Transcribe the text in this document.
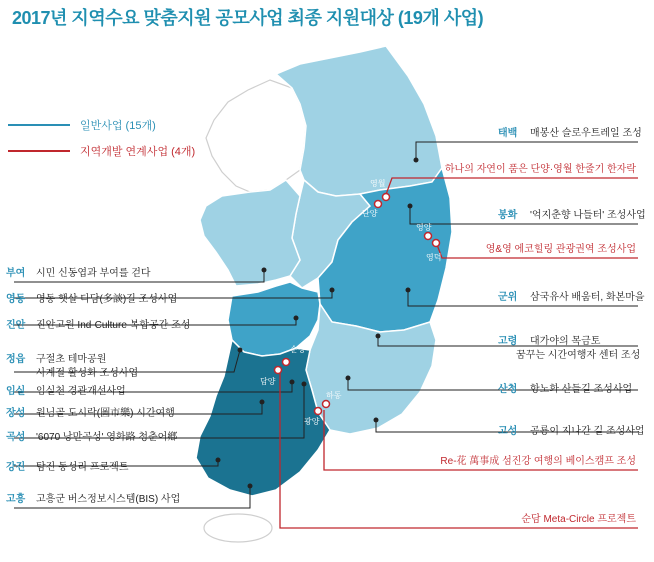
2017년 지역수요 맞춤지원 공모사업 최종 지원대상 (19개 사업)
일반사업 (15개)
지역개발 연계사업 (4개)
영월
단양
영양
영덕
순창
담양
하동
광양
부여 시민 신동엽과 부여를 걷다
영동 영동 햇살 다담(多談)길 조성사업
진안 진안고원 Ind-Culture 복합공간 조성
정읍 구절초 테마공원
사계절 활성화 조성사업
임실 임실천 경관개선사업
장성 원님골 도시락(圖市樂) 시간여행
곡성 '6070 낭만곡성' 영화路 청춘어鄕
강진 탐진 동성리 프로젝트
고흥 고흥군 버스정보시스템(BIS) 사업
태백 매봉산 슬로우트레일 조성
하나의 자연이 품은 단양·영월 한줄기 한자락
봉화 '억지춘향 나들터' 조성사업
영&영 에코힐링 관광권역 조성사업
군위 삼국유사 배움터, 화본마을
고령 대가야의 목금토
꿈꾸는 시간여행자 센터 조성
산청 항노화 산들길 조성사업
고성 공룡이 지나간 길 조성사업
Re-花 萬事成 섬진강 여행의 베이스캠프 조성
순담 Meta-Circle 프로젝트
